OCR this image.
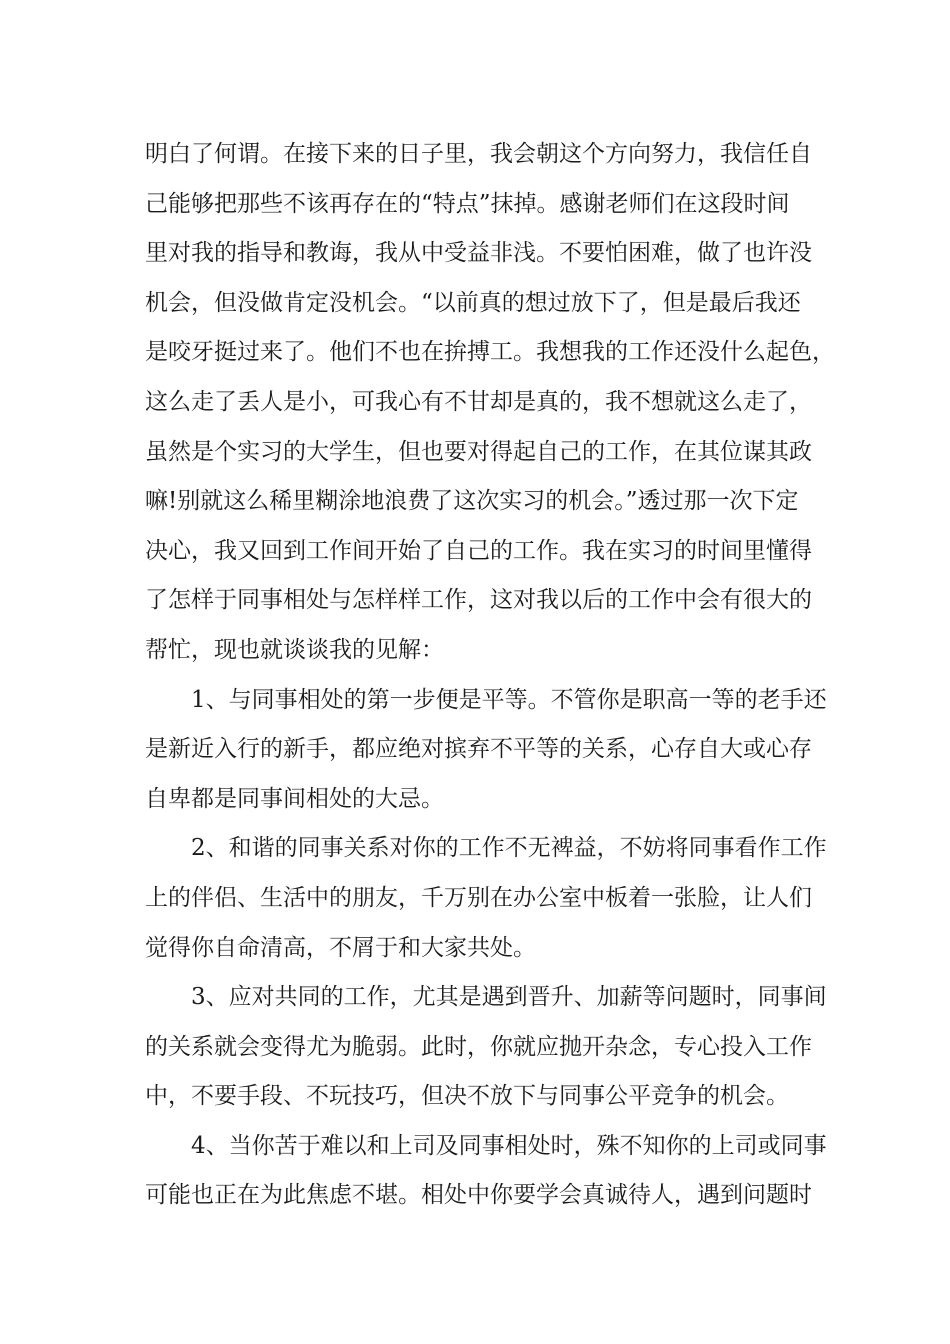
明白了何谓。在接下来的日子里，我会朝这个方向努力，我信任自
己能够把那些不该再存在的“特点”抹掉。感谢老师们在这段时间
里对我的指导和教诲，我从中受益非浅。不要怕困难，做了也许没
机会，但没做肯定没机会。“以前真的想过放下了，但是最后我还
是咬牙挺过来了。他们不也在拚搏工。我想我的工作还没什么起色，
这么走了丢人是小，可我心有不甘却是真的，我不想就这么走了，
虽然是个实习的大学生，但也要对得起自己的工作，在其位谋其政
嘛!别就这么稀里糊涂地浪费了这次实习的机会。”透过那一次下定
决心，我又回到工作间开始了自己的工作。我在实习的时间里懂得
了怎样于同事相处与怎样样工作，这对我以后的工作中会有很大的
帮忙，现也就谈谈我的见解：
1、与同事相处的第一步便是平等。不管你是职高一等的老手还
是新近入行的新手，都应绝对摈弃不平等的关系，心存自大或心存
自卑都是同事间相处的大忌。
2、和谐的同事关系对你的工作不无裨益，不妨将同事看作工作
上的伴侣、生活中的朋友，千万别在办公室中板着一张脸，让人们
觉得你自命清高，不屑于和大家共处。
3、应对共同的工作，尤其是遇到晋升、加薪等问题时，同事间
的关系就会变得尤为脆弱。此时，你就应抛开杂念，专心投入工作
中，不要手段、不玩技巧，但决不放下与同事公平竞争的机会。
4、当你苦于难以和上司及同事相处时，殊不知你的上司或同事
可能也正在为此焦虑不堪。相处中你要学会真诚待人，遇到问题时
